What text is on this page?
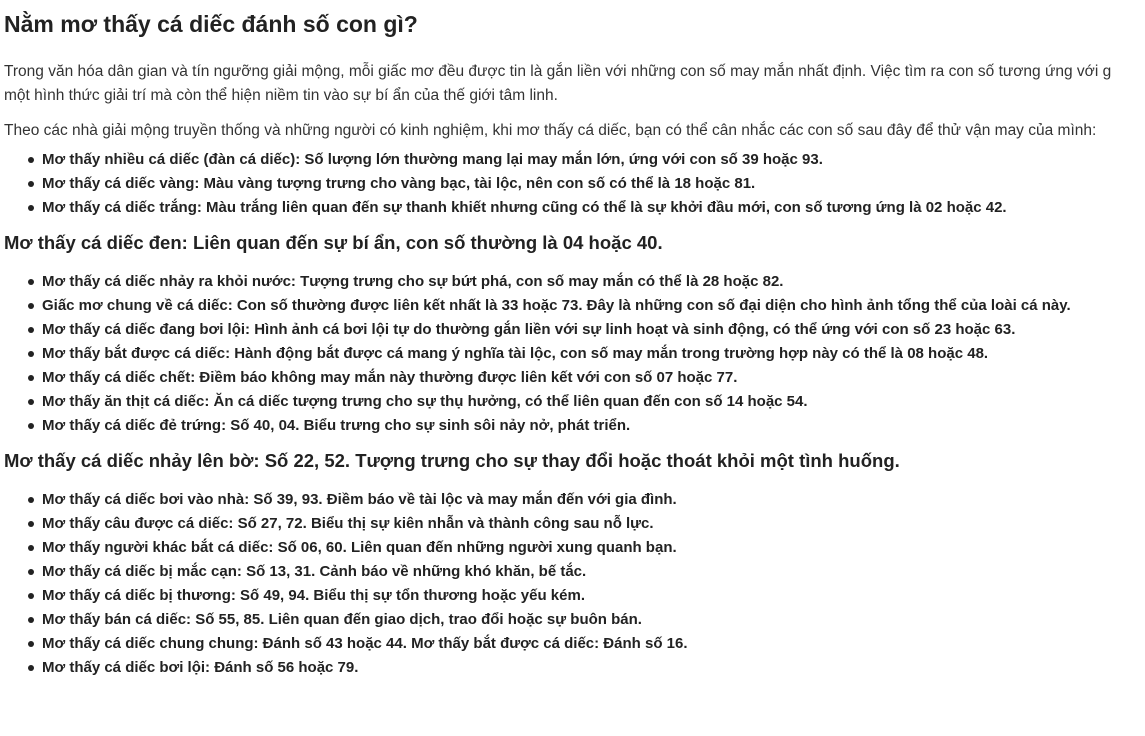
Nằm mơ thấy cá diếc đánh số con gì?

Trong văn hóa dân gian và tín ngưỡng giải mộng, mỗi giấc mơ đều được tin là gắn liền với những con số may mắn nhất định. Việc tìm ra con số tương ứng với g
một hình thức giải trí mà còn thể hiện niềm tin vào sự bí ẩn của thế giới tâm linh.

Theo các nhà giải mộng truyền thống và những người có kinh nghiệm, khi mơ thấy cá diếc, bạn có thể cân nhắc các con số sau đây để thử vận may của mình:

Mơ thấy nhiều cá diếc (đàn cá diếc): Số lượng lớn thường mang lại may mắn lớn, ứng với con số 39 hoặc 93.
Mơ thấy cá diếc vàng: Màu vàng tượng trưng cho vàng bạc, tài lộc, nên con số có thể là 18 hoặc 81.
Mơ thấy cá diếc trắng: Màu trắng liên quan đến sự thanh khiết nhưng cũng có thể là sự khởi đầu mới, con số tương ứng là 02 hoặc 42.
Mơ thấy cá diếc đen: Liên quan đến sự bí ẩn, con số thường là 04 hoặc 40.
Mơ thấy cá diếc nhảy ra khỏi nước: Tượng trưng cho sự bứt phá, con số may mắn có thể là 28 hoặc 82.
Giấc mơ chung về cá diếc: Con số thường được liên kết nhất là 33 hoặc 73. Đây là những con số đại diện cho hình ảnh tổng thể của loài cá này.
Mơ thấy cá diếc đang bơi lội: Hình ảnh cá bơi lội tự do thường gắn liền với sự linh hoạt và sinh động, có thể ứng với con số 23 hoặc 63.
Mơ thấy bắt được cá diếc: Hành động bắt được cá mang ý nghĩa tài lộc, con số may mắn trong trường hợp này có thể là 08 hoặc 48.
Mơ thấy cá diếc chết: Điềm báo không may mắn này thường được liên kết với con số 07 hoặc 77.
Mơ thấy ăn thịt cá diếc: Ăn cá diếc tượng trưng cho sự thụ hưởng, có thể liên quan đến con số 14 hoặc 54.
Mơ thấy cá diếc đẻ trứng: Số 40, 04. Biểu trưng cho sự sinh sôi nảy nở, phát triển.
Mơ thấy cá diếc nhảy lên bờ: Số 22, 52. Tượng trưng cho sự thay đổi hoặc thoát khỏi một tình huống.
Mơ thấy cá diếc bơi vào nhà: Số 39, 93. Điềm báo về tài lộc và may mắn đến với gia đình.
Mơ thấy câu được cá diếc: Số 27, 72. Biểu thị sự kiên nhẫn và thành công sau nỗ lực.
Mơ thấy người khác bắt cá diếc: Số 06, 60. Liên quan đến những người xung quanh bạn.
Mơ thấy cá diếc bị mắc cạn: Số 13, 31. Cảnh báo về những khó khăn, bế tắc.
Mơ thấy cá diếc bị thương: Số 49, 94. Biểu thị sự tổn thương hoặc yếu kém.
Mơ thấy bán cá diếc: Số 55, 85. Liên quan đến giao dịch, trao đổi hoặc sự buôn bán.
Mơ thấy cá diếc chung chung: Đánh số 43 hoặc 44. Mơ thấy bắt được cá diếc: Đánh số 16.
Mơ thấy cá diếc bơi lội: Đánh số 56 hoặc 79.
